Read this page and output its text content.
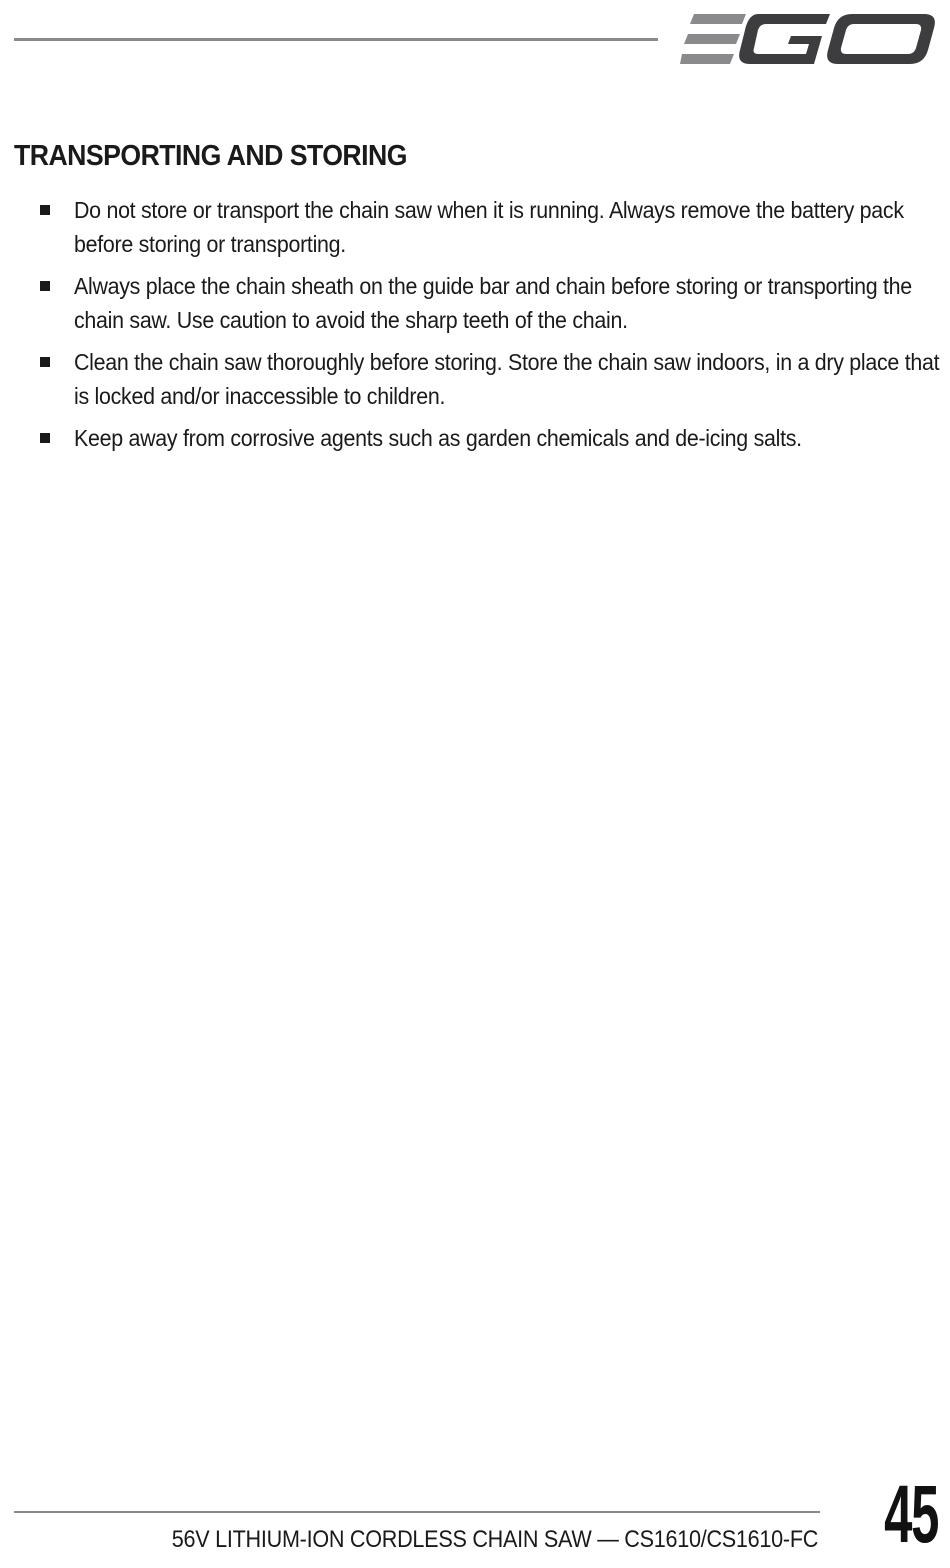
TRANSPORTING AND STORING
Do not store or transport the chain saw when it is running. Always remove the battery pack before storing or transporting.
Always place the chain sheath on the guide bar and chain before storing or transporting the chain saw. Use caution to avoid the sharp teeth of the chain.
Clean the chain saw thoroughly before storing. Store the chain saw indoors, in a dry place that is locked and/or inaccessible to children.
Keep away from corrosive agents such as garden chemicals and de-icing salts.
56V LITHIUM-ION CORDLESS CHAIN SAW — CS1610/CS1610-FC 45
